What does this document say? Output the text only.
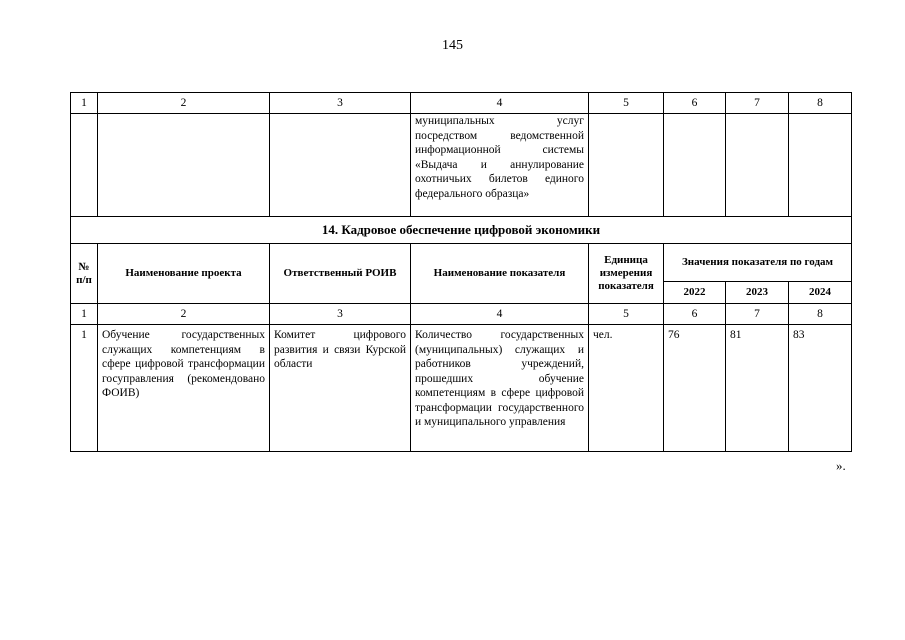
145
1	2	3	4	5	6	7	8
			муниципальных услуг посредством ведомственной информационной системы «Выдача и аннулирование охотничьих билетов единого федерального образца»				
14. Кадровое обеспечение цифровой экономики							
№ п/п	Наименование проекта	Ответственный РОИВ	Наименование показателя	Единица измерения показателя	Значения показателя по годам		
					2022	2023	2024
1	2	3	4	5	6	7	8
1	Обучение государственных служащих компетенциям в сфере цифровой трансформации госуправления (рекомендовано ФОИВ)	Комитет цифрового развития и связи Курской области	Количество государственных (муниципальных) служащих и работников учреждений, прошедших обучение компетенциям в сфере цифровой трансформации государственного и муниципального управления	чел.	76	81	83
».
